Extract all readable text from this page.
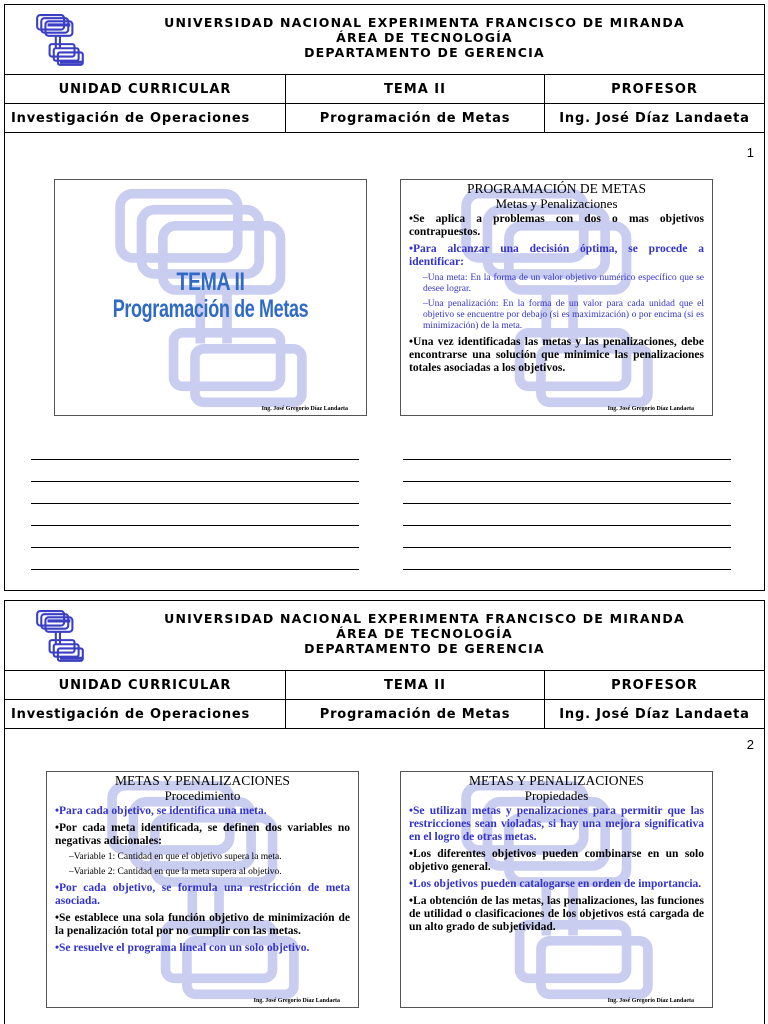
UNIVERSIDAD NACIONAL EXPERIMENTA FRANCISCO DE MIRANDA
ÁREA DE TECNOLOGÍA
DEPARTAMENTO DE GERENCIA
UNIDAD CURRICULAR	TEMA II	PROFESOR
Investigación de Operaciones	Programación de Metas	Ing. José Díaz Landaeta
1
TEMA II
Programación de Metas
Ing. José Gregorio Díaz Landaeta
PROGRAMACIÓN DE METAS
Metas y Penalizaciones

•Se aplica a problemas con dos o mas objetivos contrapuestos.

•Para alcanzar una decisión óptima, se procede a identificar:

–Una meta: En la forma de un valor objetivo numérico específico que se desee lograr.

–Una penalización: En la forma de un valor para cada unidad que el objetivo se encuentre por debajo (si es maximización) o por encima (si es minimización) de la meta.

•Una vez identificadas las metas y las penalizaciones, debe encontrarse una solución que minimice las penalizaciones totales asociadas a los objetivos.

Ing. José Gregorio Díaz Landaeta
UNIVERSIDAD NACIONAL EXPERIMENTA FRANCISCO DE MIRANDA
ÁREA DE TECNOLOGÍA
DEPARTAMENTO DE GERENCIA
UNIDAD CURRICULAR	TEMA II	PROFESOR
Investigación de Operaciones	Programación de Metas	Ing. José Díaz Landaeta
2
METAS Y PENALIZACIONES
Procedimiento

•Para cada objetivo, se identifica una meta.

•Por cada meta identificada, se definen dos variables no negativas adicionales:

–Variable 1: Cantidad en que el objetivo supera la meta.

–Variable 2: Cantidad en que la meta supera al objetivo.

•Por cada objetivo, se formula una restricción de meta asociada.

•Se establece una sola función objetivo de minimización de la penalización total por no cumplir con las metas.

•Se resuelve el programa lineal con un solo objetivo.

Ing. José Gregorio Díaz Landaeta
METAS Y PENALIZACIONES
Propiedades

•Se utilizan metas y penalizaciones para permitir que las restricciones sean violadas, si hay una mejora significativa en el logro de otras metas.

•Los diferentes objetivos pueden combinarse en un solo objetivo general.

•Los objetivos pueden catalogarse en orden de importancia.

•La obtención de las metas, las penalizaciones, las funciones de utilidad o clasificaciones de los objetivos está cargada de un alto grado de subjetividad.

Ing. José Gregorio Díaz Landaeta
